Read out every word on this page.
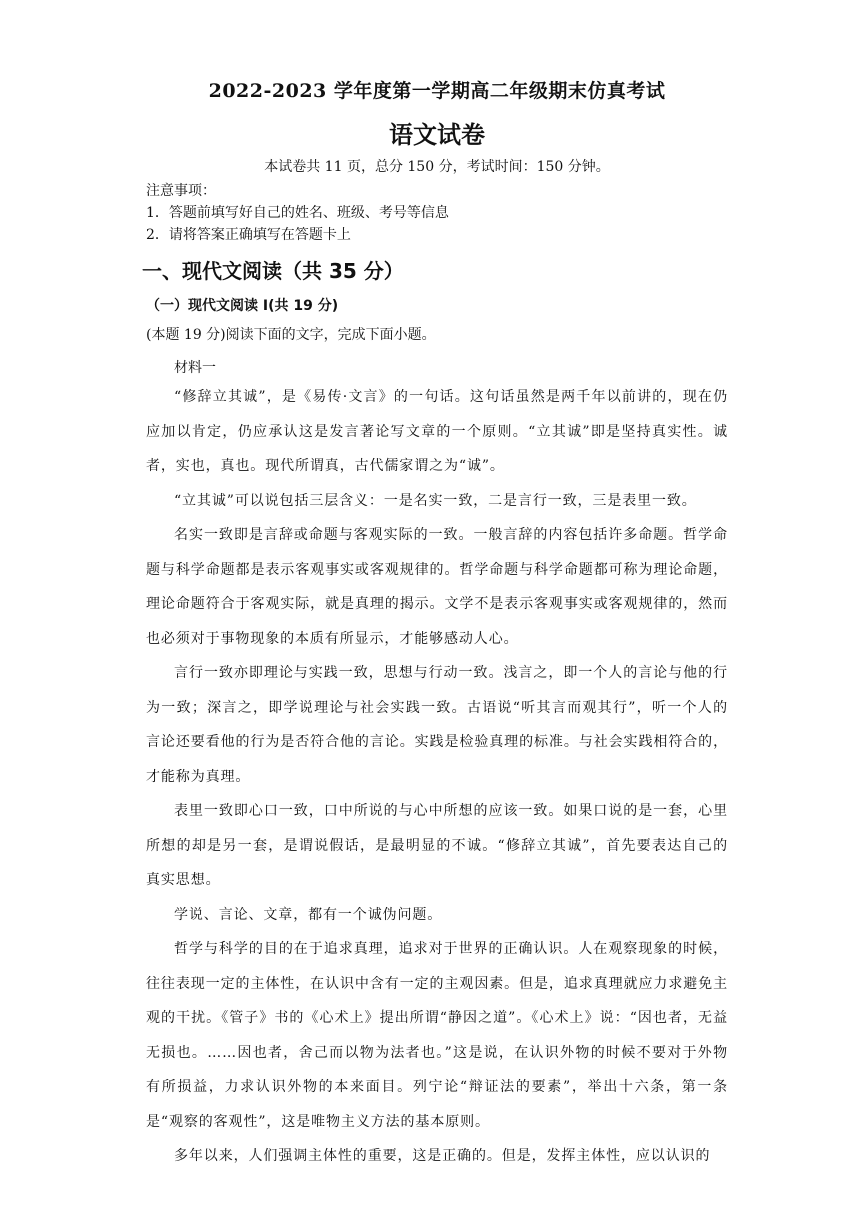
2022-2023 学年度第一学期高二年级期末仿真考试
语文试卷
本试卷共 11 页，总分 150 分，考试时间：150 分钟。
注意事项：
1．答题前填写好自己的姓名、班级、考号等信息
2．请将答案正确填写在答题卡上
一、现代文阅读（共 35 分）
（一）现代文阅读 I(共 19 分)
(本题 19 分)阅读下面的文字，完成下面小题。
材料一

“修辞立其诚”，是《易传·文言》的一句话。这句话虽然是两千年以前讲的，现在仍应加以肯定，仍应承认这是发言著论写文章的一个原则。“立其诚”即是坚持真实性。诚者，实也，真也。现代所谓真，古代儒家谓之为“诚”。

“立其诚”可以说包括三层含义：一是名实一致，二是言行一致，三是表里一致。

名实一致即是言辞或命题与客观实际的一致。一般言辞的内容包括许多命题。哲学命题与科学命题都是表示客观事实或客观规律的。哲学命题与科学命题都可称为理论命题，理论命题符合于客观实际，就是真理的揭示。文学不是表示客观事实或客观规律的，然而也必须对于事物现象的本质有所显示，才能够感动人心。

言行一致亦即理论与实践一致，思想与行动一致。浅言之，即一个人的言论与他的行为一致；深言之，即学说理论与社会实践一致。古语说“听其言而观其行”，听一个人的言论还要看他的行为是否符合他的言论。实践是检验真理的标准。与社会实践相符合的，才能称为真理。

表里一致即心口一致，口中所说的与心中所想的应该一致。如果口说的是一套，心里所想的却是另一套，是谓说假话，是最明显的不诚。“修辞立其诚”，首先要表达自己的真实思想。

学说、言论、文章，都有一个诚伪问题。

哲学与科学的目的在于追求真理，追求对于世界的正确认识。人在观察现象的时候，往往表现一定的主体性，在认识中含有一定的主观因素。但是，追求真理就应力求避免主观的干扰。《管子》书的《心术上》提出所谓“静因之道”。《心术上》说：“因也者，无益无损也。……因也者，舍己而以物为法者也。”这是说，在认识外物的时候不要对于外物有所损益，力求认识外物的本来面目。列宁论“辩证法的要素”，举出十六条，第一条是“观察的客观性”，这是唯物主义方法的基本原则。

多年以来，人们强调主体性的重要，这是正确的。但是，发挥主体性，应以认识的
